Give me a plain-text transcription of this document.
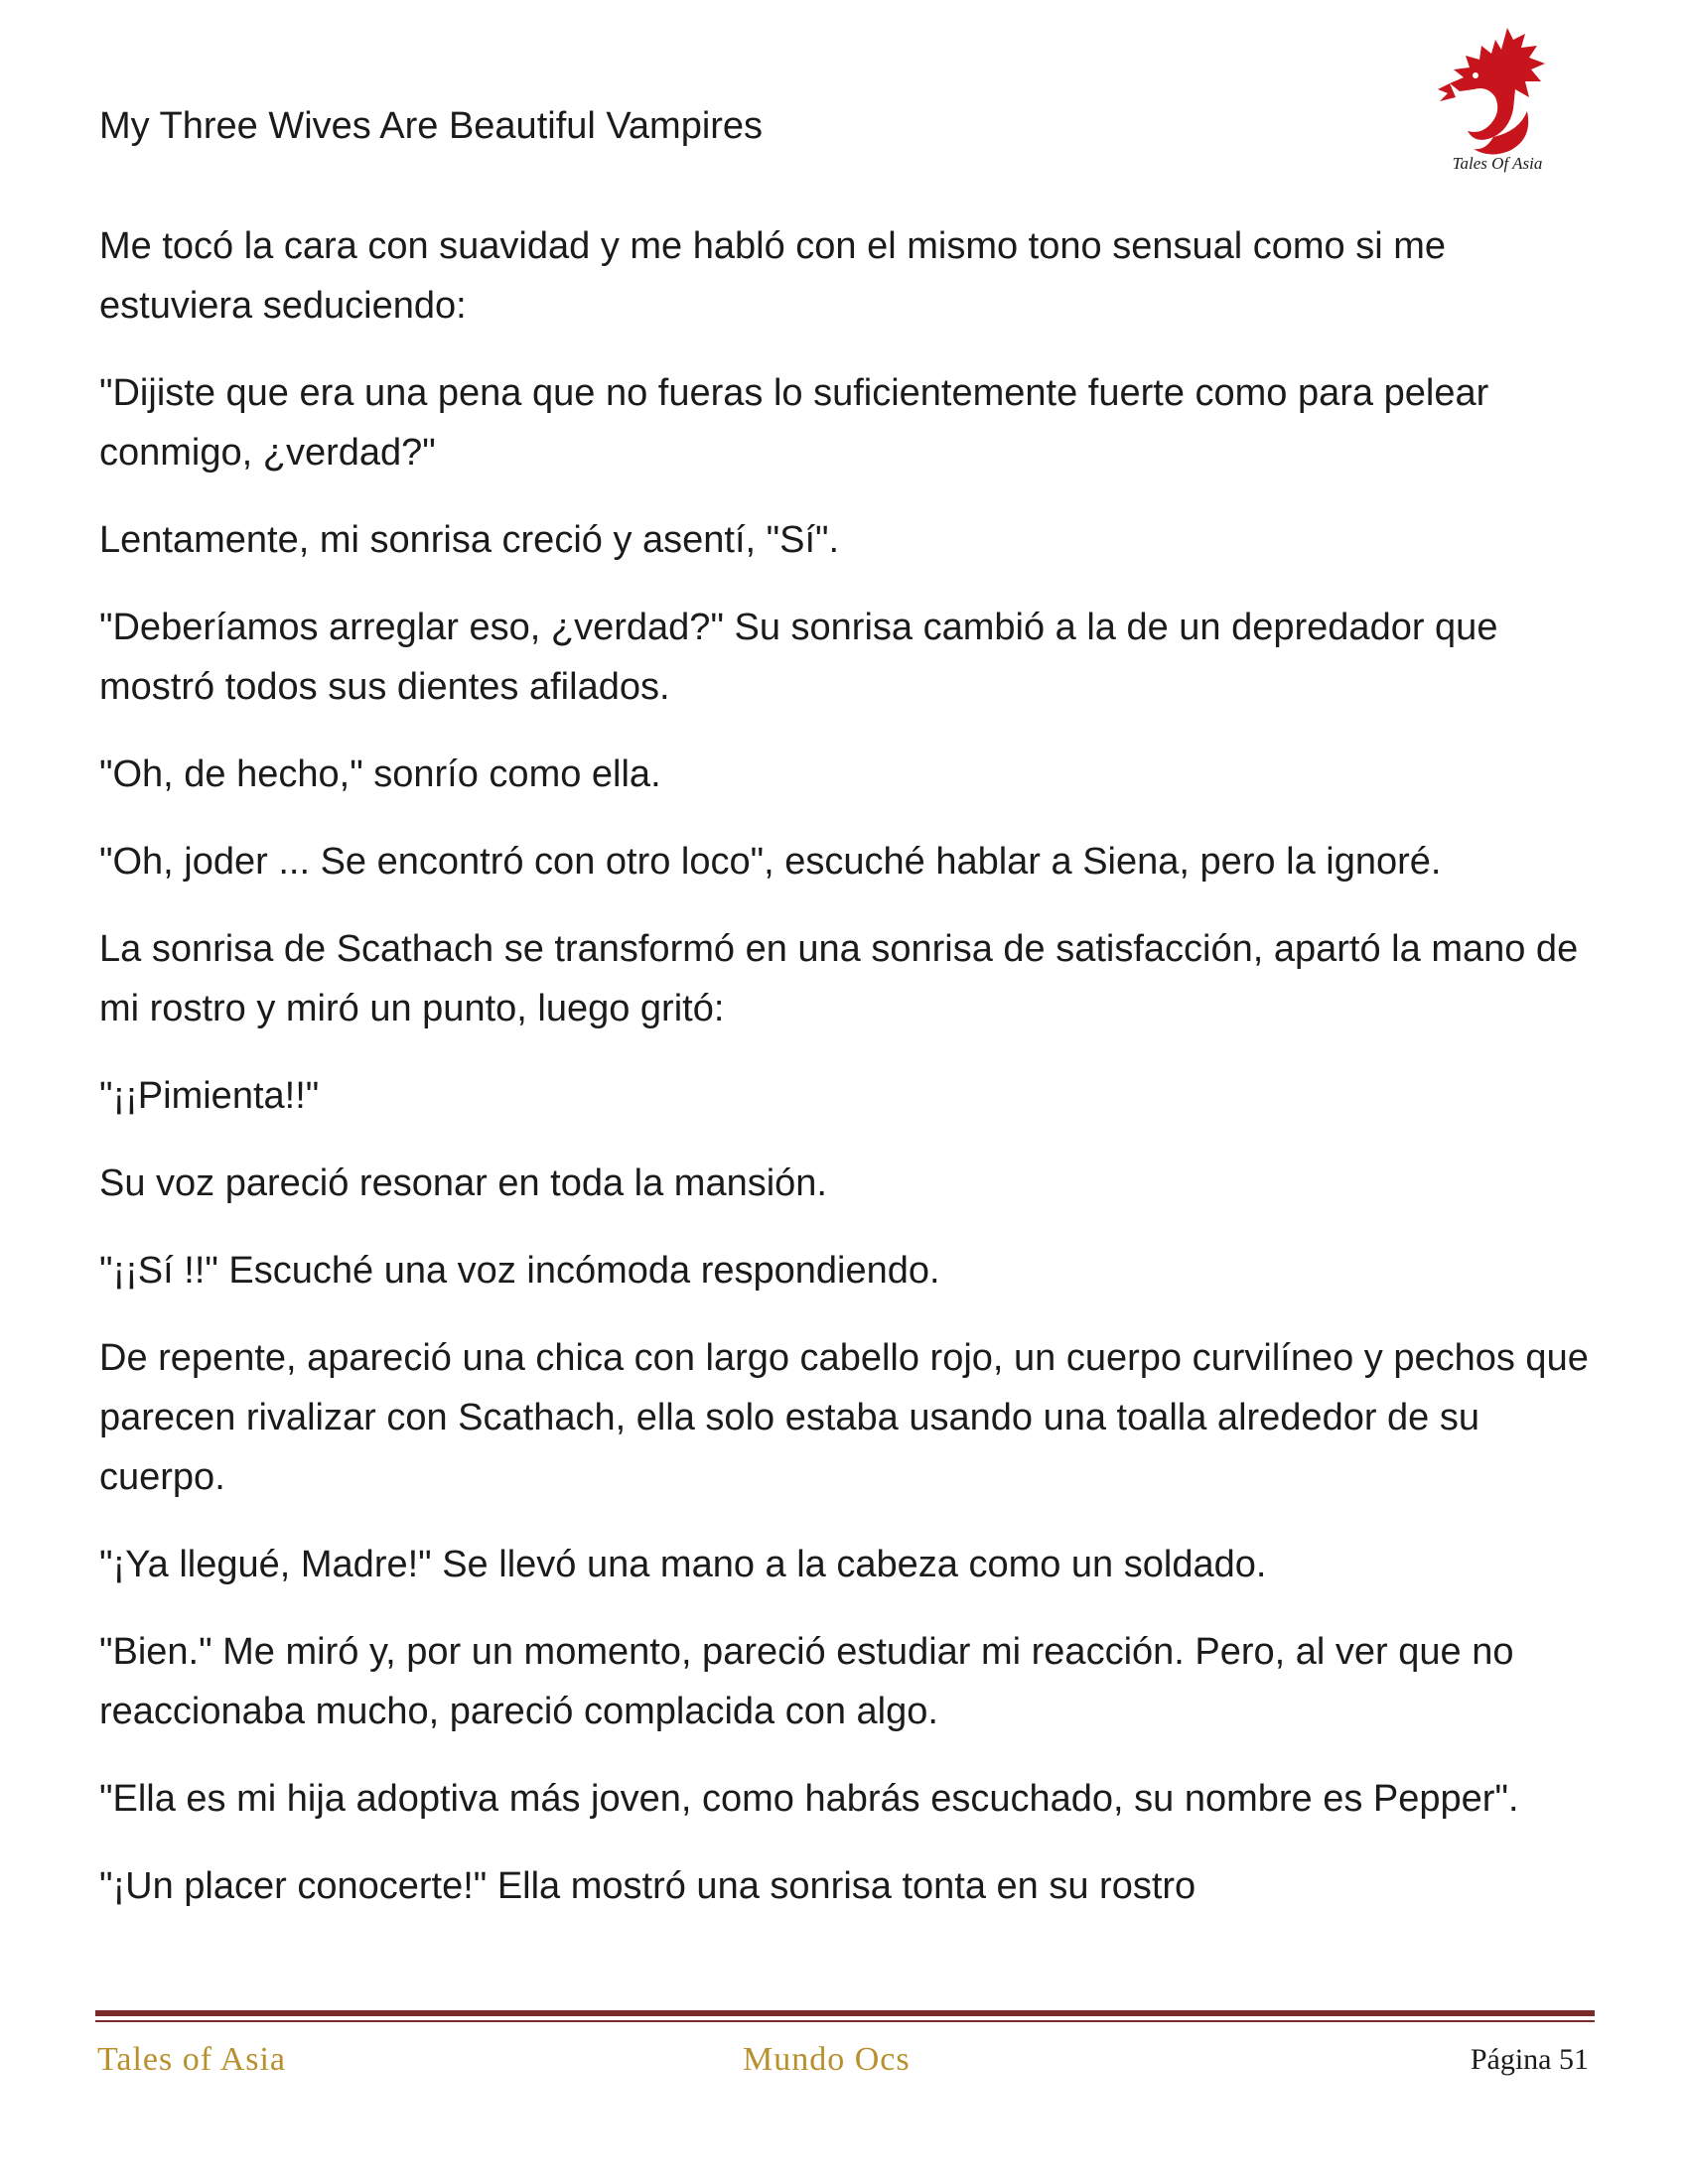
My Three Wives Are Beautiful Vampires
Tales Of Asia

Me tocó la cara con suavidad y me habló con el mismo tono sensual como si me estuviera seduciendo:

"Dijiste que era una pena que no fueras lo suficientemente fuerte como para pelear conmigo, ¿verdad?"

Lentamente, mi sonrisa creció y asentí, "Sí".

"Deberíamos arreglar eso, ¿verdad?" Su sonrisa cambió a la de un depredador que mostró todos sus dientes afilados.

"Oh, de hecho," sonrío como ella.

"Oh, joder ... Se encontró con otro loco", escuché hablar a Siena, pero la ignoré.

La sonrisa de Scathach se transformó en una sonrisa de satisfacción, apartó la mano de mi rostro y miró un punto, luego gritó:

"¡¡Pimienta!!"

Su voz pareció resonar en toda la mansión.

"¡¡Sí !!" Escuché una voz incómoda respondiendo.

De repente, apareció una chica con largo cabello rojo, un cuerpo curvilíneo y pechos que parecen rivalizar con Scathach, ella solo estaba usando una toalla alrededor de su cuerpo.

"¡Ya llegué, Madre!" Se llevó una mano a la cabeza como un soldado.

"Bien." Me miró y, por un momento, pareció estudiar mi reacción. Pero, al ver que no reaccionaba mucho, pareció complacida con algo.

"Ella es mi hija adoptiva más joven, como habrás escuchado, su nombre es Pepper".

"¡Un placer conocerte!" Ella mostró una sonrisa tonta en su rostro

Tales of Asia	Mundo Ocs	Página 51
